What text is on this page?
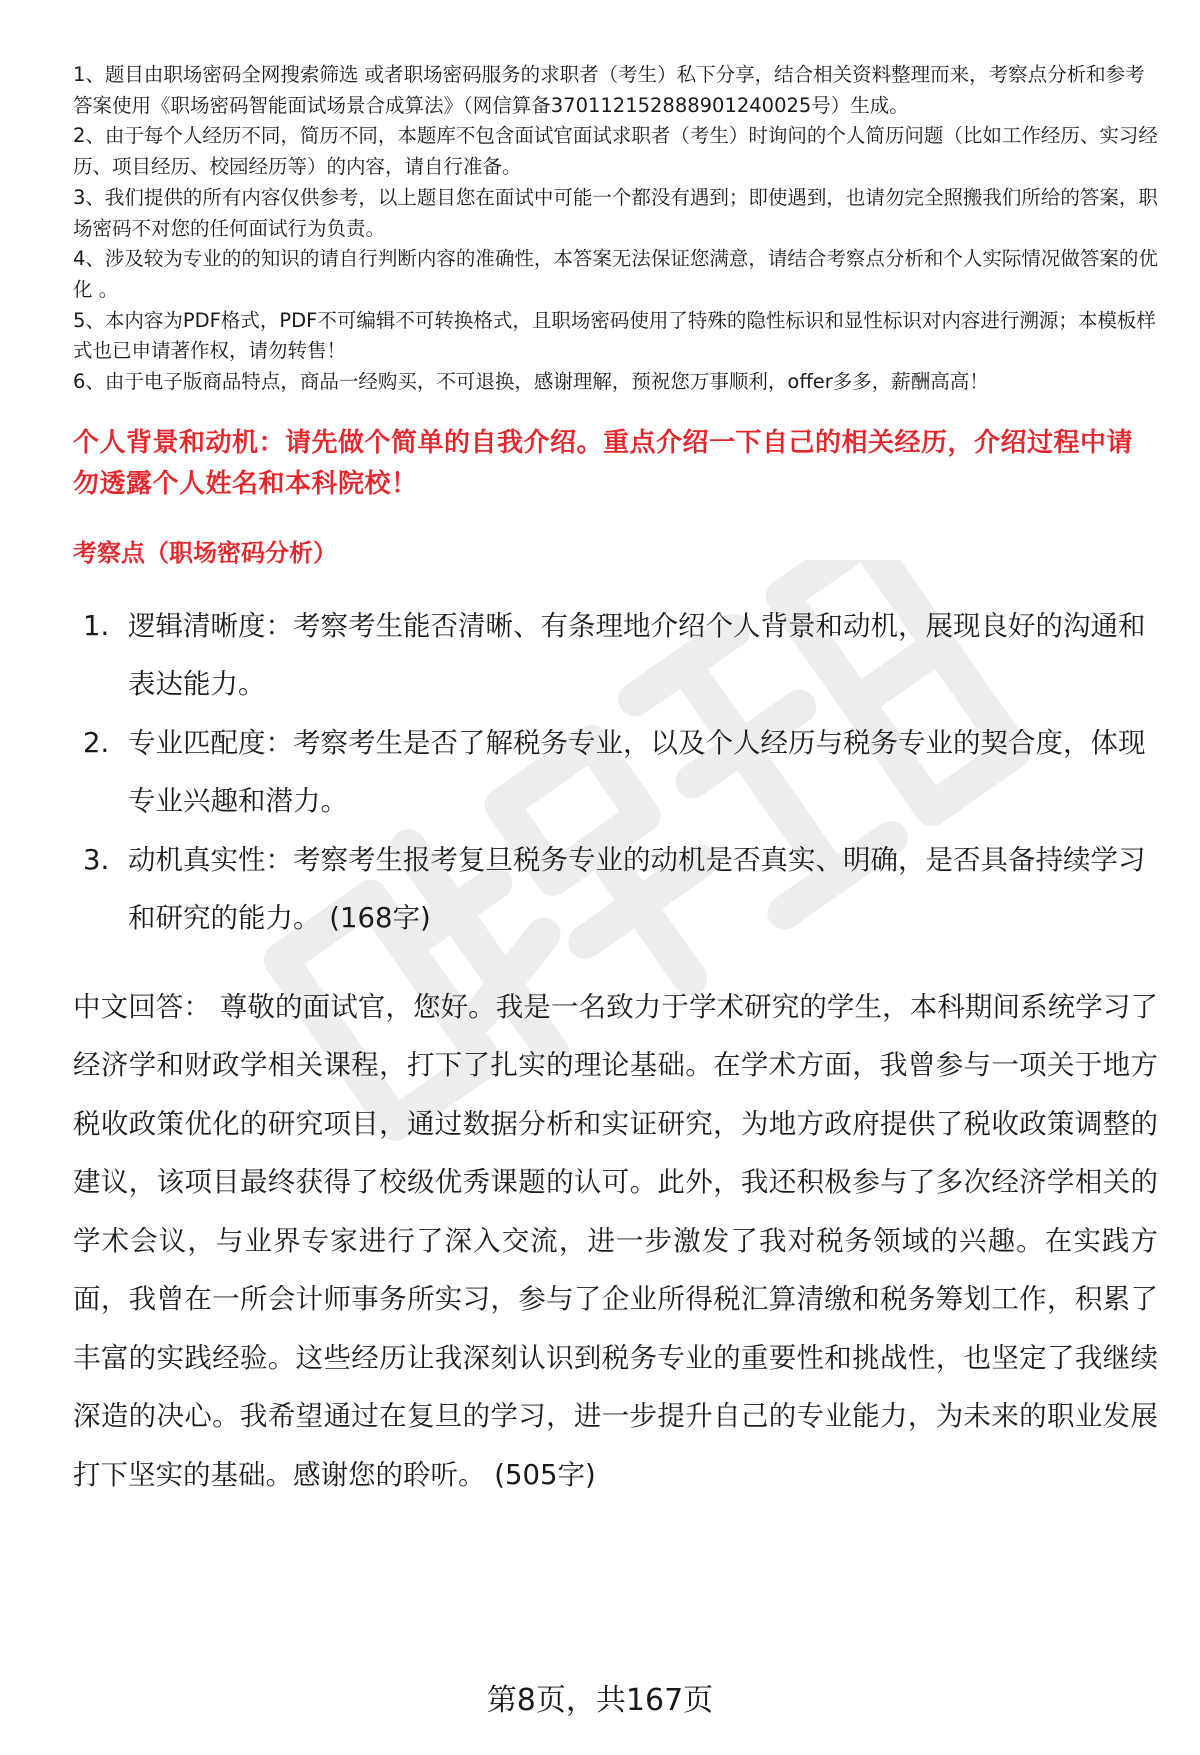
1、题目由职场密码全网搜索筛选 或者职场密码服务的求职者（考生）私下分享，结合相关资料整理而来，考察点分析和参考答案使用《职场密码智能面试场景合成算法》（网信算备370112152888901240025号）生成。
2、由于每个人经历不同，简历不同，本题库不包含面试官面试求职者（考生）时询问的个人简历问题（比如工作经历、实习经历、项目经历、校园经历等）的内容，请自行准备。
3、我们提供的所有内容仅供参考，以上题目您在面试中可能一个都没有遇到；即使遇到，也请勿完全照搬我们所给的答案，职场密码不对您的任何面试行为负责。
4、涉及较为专业的的知识的请自行判断内容的准确性，本答案无法保证您满意，请结合考察点分析和个人实际情况做答案的优化 。
5、本内容为PDF格式，PDF不可编辑不可转换格式，且职场密码使用了特殊的隐性标识和显性标识对内容进行溯源；本模板样式也已申请著作权，请勿转售！
6、由于电子版商品特点，商品一经购买，不可退换，感谢理解，预祝您万事顺利，offer多多，薪酬高高！
个人背景和动机：请先做个简单的自我介绍。重点介绍一下自己的相关经历，介绍过程中请勿透露个人姓名和本科院校！
考察点（职场密码分析）
1. 逻辑清晰度：考察考生能否清晰、有条理地介绍个人背景和动机，展现良好的沟通和表达能力。
2. 专业匹配度：考察考生是否了解税务专业，以及个人经历与税务专业的契合度，体现专业兴趣和潜力。
3. 动机真实性：考察考生报考复旦税务专业的动机是否真实、明确，是否具备持续学习和研究的能力。 (168字)
中文回答： 尊敬的面试官，您好。我是一名致力于学术研究的学生，本科期间系统学习了经济学和财政学相关课程，打下了扎实的理论基础。在学术方面，我曾参与一项关于地方税收政策优化的研究项目，通过数据分析和实证研究，为地方政府提供了税收政策调整的建议，该项目最终获得了校级优秀课题的认可。此外，我还积极参与了多次经济学相关的学术会议，与业界专家进行了深入交流，进一步激发了我对税务领域的兴趣。在实践方面，我曾在一所会计师事务所实习，参与了企业所得税汇算清缴和税务筹划工作，积累了丰富的实践经验。这些经历让我深刻认识到税务专业的重要性和挑战性，也坚定了我继续深造的决心。我希望通过在复旦的学习，进一步提升自己的专业能力，为未来的职业发展打下坚实的基础。感谢您的聆听。 (505字)
第8页，共167页
